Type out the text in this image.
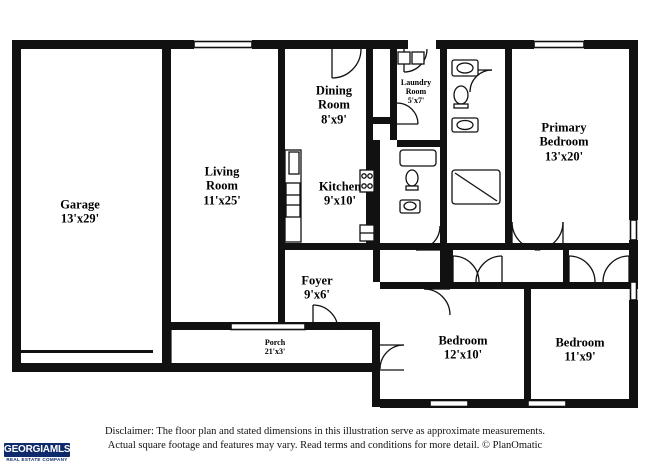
Garage
13'x29'
Living
Room
11'x25'
Dining
Room
8'x9'
Kitchen
9'x10'
Laundry
Room
5'x7'
Primary
Bedroom
13'x20'
Bedroom
12'x10'
Bedroom
11'x9'
Foyer
9'x6'
Porch
21'x3'
Disclaimer: The floor plan and stated dimensions in this illustration serve as approximate measurements.
Actual square footage and features may vary. Read terms and conditions for more detail. © PlanOmatic
GEORGIAMLS
REAL ESTATE COMPANY
